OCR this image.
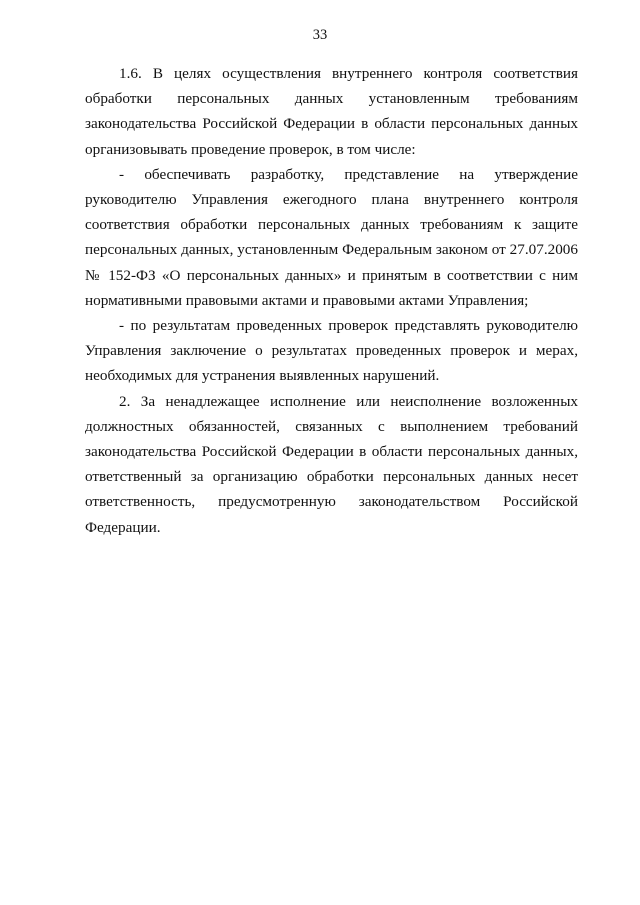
33

1.6. В целях осуществления внутреннего контроля соответствия обработки персональных данных установленным требованиям законодательства Российской Федерации в области персональных данных организовывать проведение проверок, в том числе:

- обеспечивать разработку, представление на утверждение руководителю Управления ежегодного плана внутреннего контроля соответствия обработки персональных данных требованиям к защите персональных данных, установленным Федеральным законом от 27.07.2006 № 152-ФЗ «О персональных данных» и принятым в соответствии с ним нормативными правовыми актами и правовыми актами Управления;

- по результатам проведенных проверок представлять руководителю Управления заключение о результатах проведенных проверок и мерах, необходимых для устранения выявленных нарушений.

2. За ненадлежащее исполнение или неисполнение возложенных должностных обязанностей, связанных с выполнением требований законодательства Российской Федерации в области персональных данных, ответственный за организацию обработки персональных данных несет ответственность, предусмотренную законодательством Российской Федерации.
